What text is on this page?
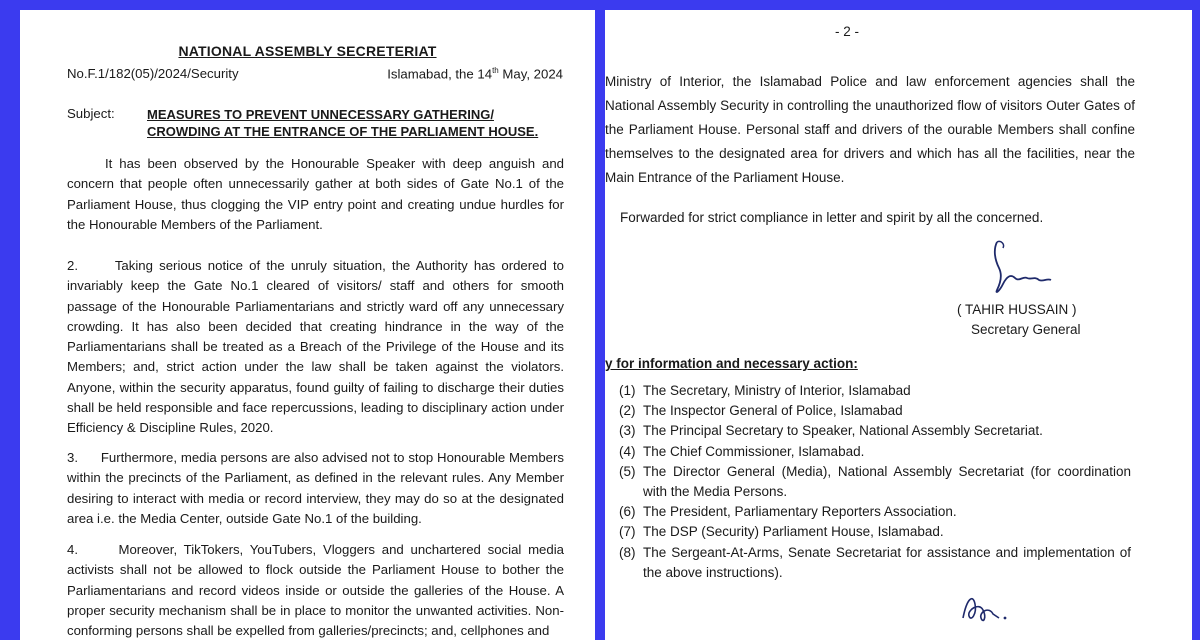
NATIONAL ASSEMBLY SECRETERIAT
No.F.1/182(05)/2024/Security	Islamabad, the 14th May, 2024
Subject: MEASURES TO PREVENT UNNECESSARY GATHERING/ CROWDING AT THE ENTRANCE OF THE PARLIAMENT HOUSE.

It has been observed by the Honourable Speaker with deep anguish and concern that people often unnecessarily gather at both sides of Gate No.1 of the Parliament House, thus clogging the VIP entry point and creating undue hurdles for the Honourable Members of the Parliament.

2.      Taking serious notice of the unruly situation, the Authority has ordered to invariably keep the Gate No.1 cleared of visitors/ staff and others for smooth passage of the Honourable Parliamentarians and strictly ward off any unnecessary crowding. It has also been decided that creating hindrance in the way of the Parliamentarians shall be treated as a Breach of the Privilege of the House and its Members; and, strict action under the law shall be taken against the violators. Anyone, within the security apparatus, found guilty of failing to discharge their duties shall be held responsible and face repercussions, leading to disciplinary action under Efficiency & Discipline Rules, 2020.

3.      Furthermore, media persons are also advised not to stop Honourable Members within the precincts of the Parliament, as defined in the relevant rules. Any Member desiring to interact with media or record interview, they may do so at the designated area i.e. the Media Center, outside Gate No.1 of the building.

4.      Moreover, TikTokers, YouTubers, Vloggers and unchartered social media activists shall not be allowed to flock outside the Parliament House to bother the Parliamentarians and record videos inside or outside the galleries of the House. A proper security mechanism shall be in place to monitor the unwanted activities. Non-conforming persons shall be expelled from galleries/precincts; and, cellphones and

- 2 -
Ministry of Interior, the Islamabad Police and law enforcement agencies shall the National Assembly Security in controlling the unauthorized flow of visitors Outer Gates of the Parliament House. Personal staff and drivers of the ourable Members shall confine themselves to the designated area for drivers and which has all the facilities, near the Main Entrance of the Parliament House.
Forwarded for strict compliance in letter and spirit by all the concerned.
( TAHIR HUSSAIN )
Secretary General
y for information and necessary action:
(1) The Secretary, Ministry of Interior, Islamabad
(2) The Inspector General of Police, Islamabad
(3) The Principal Secretary to Speaker, National Assembly Secretariat.
(4) The Chief Commissioner, Islamabad.
(5) The Director General (Media), National Assembly Secretariat (for coordination with the Media Persons.
(6) The President, Parliamentary Reporters Association.
(7) The DSP (Security) Parliament House, Islamabad.
(8) The Sergeant-At-Arms, Senate Secretariat for assistance and implementation of the above instructions).
